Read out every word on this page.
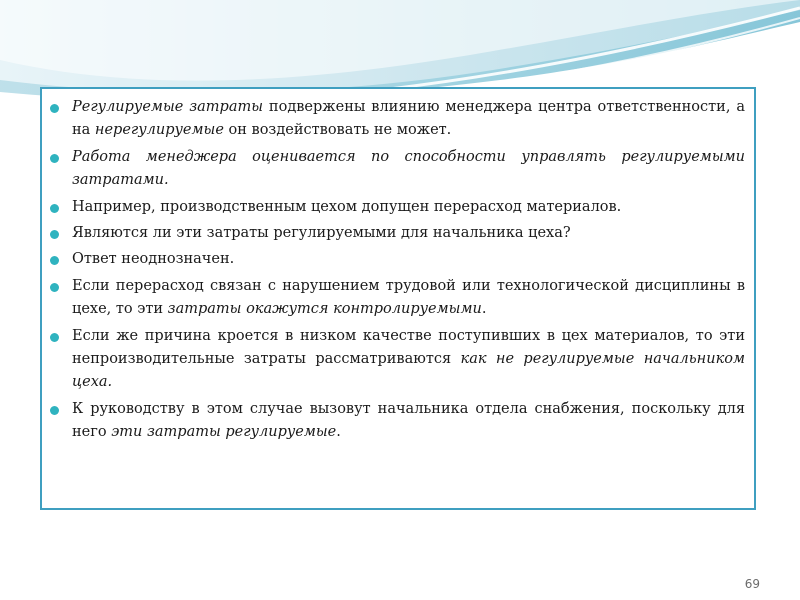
Регулируемые затраты подвержены влиянию менеджера центра ответственности, а на нерегулируемые он воздействовать не может.
Работа менеджера оценивается по способности управлять регулируемыми затратами.
Например, производственным цехом допущен перерасход материалов.
Являются ли эти затраты регулируемыми для начальника цеха?
Ответ неоднозначен.
Если перерасход связан с нарушением трудовой или технологической дисциплины в цехе, то эти затраты окажутся контролируемыми.
Если же причина кроется в низком качестве поступивших в цех материалов, то эти непроизводительные затраты рассматриваются как не регулируемые начальником цеха.
К руководству в этом случае вызовут начальника отдела снабжения, поскольку для него эти затраты регулируемые.
69
